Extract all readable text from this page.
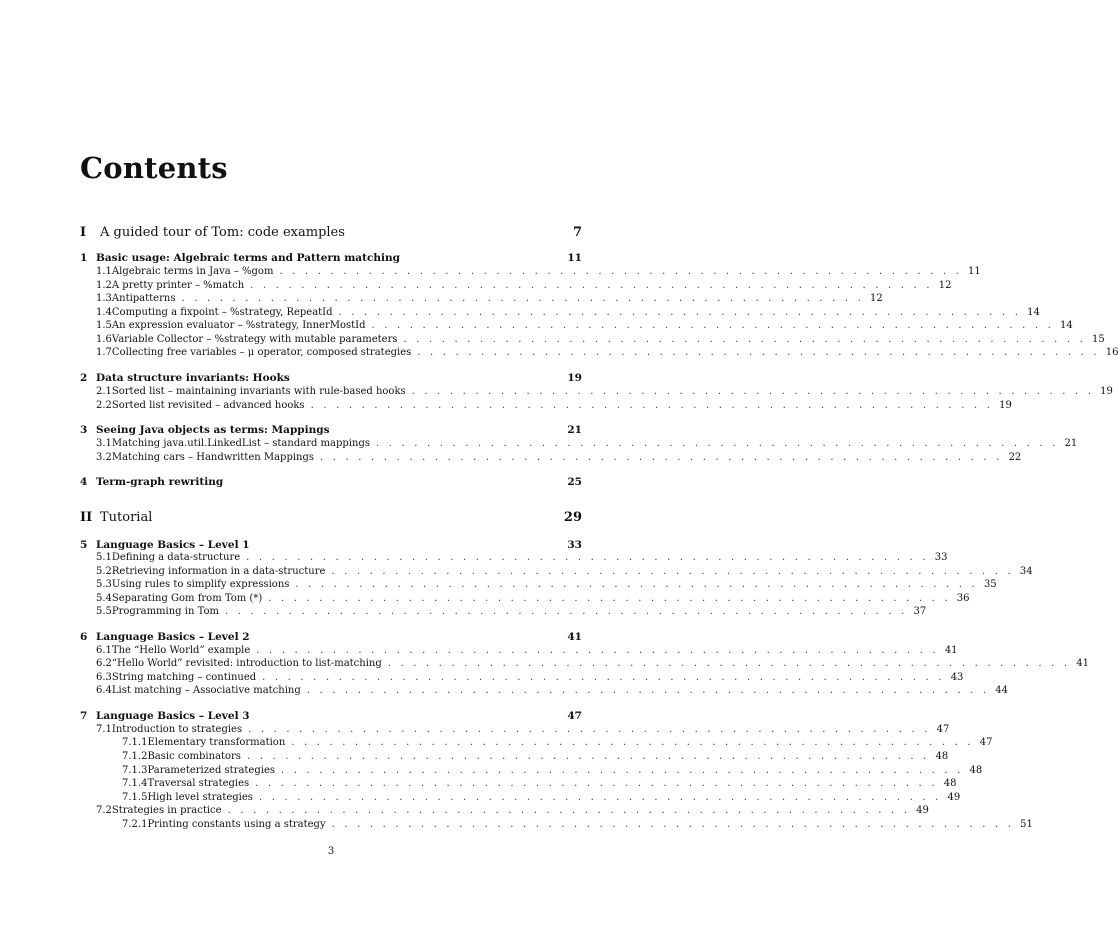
Contents
I	A guided tour of Tom: code examples	7
1 Basic usage: Algebraic terms and Pattern matching	11
1.1 Algebraic terms in Java – %gom . . . . . . . . . . . . . . . . . . . . . . . . . . . . . . . . . . . . . . . . . . . . . . . . . . . . . . 11
1.2 A pretty printer – %match . . . . . . . . . . . . . . . . . . . . . . . . . . . . . . . . . . . . . . . . . . . . . . . . . . . . . . 12
1.3 Antipatterns . . . . . . . . . . . . . . . . . . . . . . . . . . . . . . . . . . . . . . . . . . . . . . . . . . . . . . 12
1.4 Computing a fixpoint – %strategy, RepeatId . . . . . . . . . . . . . . . . . . . . . . . . . . . . . . . . . . . . . . . . . . . . . . . . . . . . . . 14
1.5 An expression evaluator – %strategy, InnerMostId . . . . . . . . . . . . . . . . . . . . . . . . . . . . . . . . . . . . . . . . . . . . . . . . . . . . . . 14
1.6 Variable Collector – %strategy with mutable parameters . . . . . . . . . . . . . . . . . . . . . . . . . . . . . . . . . . . . . . . . . . . . . . . . . . . . . . 15
1.7 Collecting free variables – μ operator, composed strategies . . . . . . . . . . . . . . . . . . . . . . . . . . . . . . . . . . . . . . . . . . . . . . . . . . . . . . 16
2 Data structure invariants: Hooks	19
2.1 Sorted list – maintaining invariants with rule-based hooks . . . . . . . . . . . . . . . . . . . . . . . . . . . . . . . . . . . . . . . . . . . . . . . . . . . . . . 19
2.2 Sorted list revisited – advanced hooks . . . . . . . . . . . . . . . . . . . . . . . . . . . . . . . . . . . . . . . . . . . . . . . . . . . . . . 19
3 Seeing Java objects as terms: Mappings	21
3.1 Matching java.util.LinkedList – standard mappings . . . . . . . . . . . . . . . . . . . . . . . . . . . . . . . . . . . . . . . . . . . . . . . . . . . . . . 21
3.2 Matching cars – Handwritten Mappings . . . . . . . . . . . . . . . . . . . . . . . . . . . . . . . . . . . . . . . . . . . . . . . . . . . . . . 22
4 Term-graph rewriting	25
II Tutorial	29
5 Language Basics – Level 1	33
5.1 Defining a data-structure . . . . . . . . . . . . . . . . . . . . . . . . . . . . . . . . . . . . . . . . . . . . . . . . . . . . . . 33
5.2 Retrieving information in a data-structure . . . . . . . . . . . . . . . . . . . . . . . . . . . . . . . . . . . . . . . . . . . . . . . . . . . . . . 34
5.3 Using rules to simplify expressions . . . . . . . . . . . . . . . . . . . . . . . . . . . . . . . . . . . . . . . . . . . . . . . . . . . . . . 35
5.4 Separating Gom from Tom (*) . . . . . . . . . . . . . . . . . . . . . . . . . . . . . . . . . . . . . . . . . . . . . . . . . . . . . . 36
5.5 Programming in Tom . . . . . . . . . . . . . . . . . . . . . . . . . . . . . . . . . . . . . . . . . . . . . . . . . . . . . . 37
6 Language Basics – Level 2	41
6.1 The “Hello World” example . . . . . . . . . . . . . . . . . . . . . . . . . . . . . . . . . . . . . . . . . . . . . . . . . . . . . . 41
6.2 “Hello World” revisited: introduction to list-matching . . . . . . . . . . . . . . . . . . . . . . . . . . . . . . . . . . . . . . . . . . . . . . . . . . . . . . 41
6.3 String matching – continued . . . . . . . . . . . . . . . . . . . . . . . . . . . . . . . . . . . . . . . . . . . . . . . . . . . . . . 43
6.4 List matching – Associative matching . . . . . . . . . . . . . . . . . . . . . . . . . . . . . . . . . . . . . . . . . . . . . . . . . . . . . . 44
7 Language Basics – Level 3	47
7.1 Introduction to strategies . . . . . . . . . . . . . . . . . . . . . . . . . . . . . . . . . . . . . . . . . . . . . . . . . . . . . . 47
7.1.1 Elementary transformation . . . . . . . . . . . . . . . . . . . . . . . . . . . . . . . . . . . . . . . . . . . . . . . . . . . . . . 47
7.1.2 Basic combinators . . . . . . . . . . . . . . . . . . . . . . . . . . . . . . . . . . . . . . . . . . . . . . . . . . . . . . 48
7.1.3 Parameterized strategies . . . . . . . . . . . . . . . . . . . . . . . . . . . . . . . . . . . . . . . . . . . . . . . . . . . . . . 48
7.1.4 Traversal strategies . . . . . . . . . . . . . . . . . . . . . . . . . . . . . . . . . . . . . . . . . . . . . . . . . . . . . . 48
7.1.5 High level strategies . . . . . . . . . . . . . . . . . . . . . . . . . . . . . . . . . . . . . . . . . . . . . . . . . . . . . . 49
7.2 Strategies in practice . . . . . . . . . . . . . . . . . . . . . . . . . . . . . . . . . . . . . . . . . . . . . . . . . . . . . . 49
7.2.1 Printing constants using a strategy . . . . . . . . . . . . . . . . . . . . . . . . . . . . . . . . . . . . . . . . . . . . . . . . . . . . . . 51
3
